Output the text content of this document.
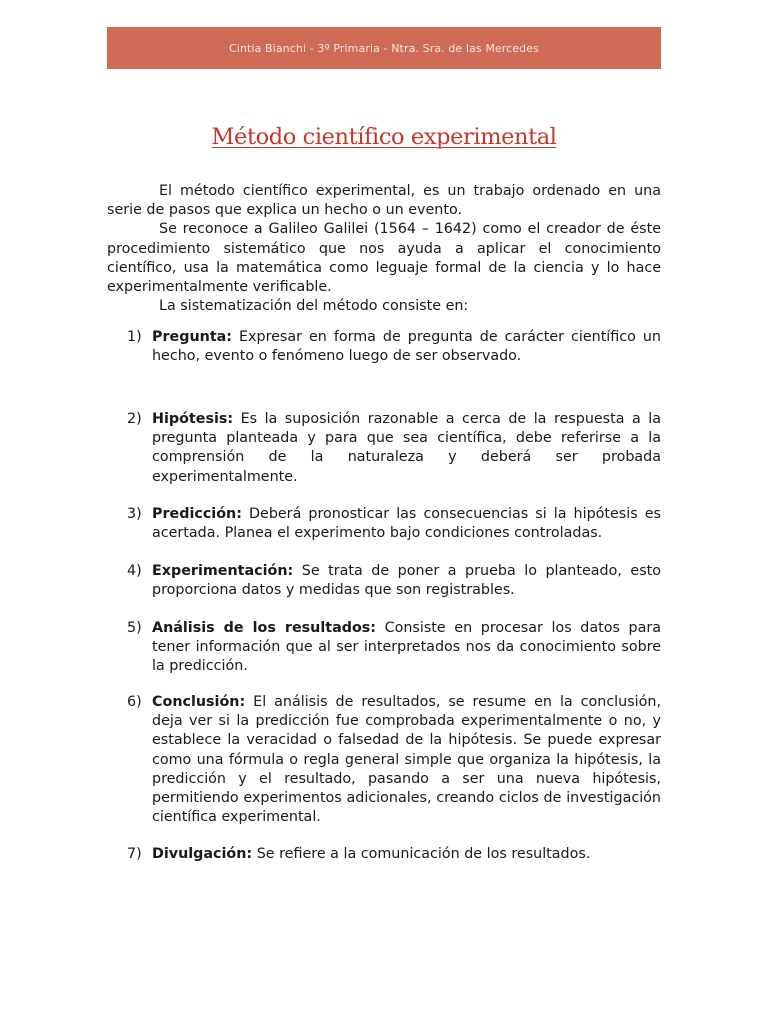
Cintia Bianchi - 3º Primaria - Ntra. Sra. de las Mercedes
Método científico experimental

El método científico experimental, es un trabajo ordenado en una serie de pasos que explica un hecho o un evento.

Se reconoce a Galileo Galilei (1564 – 1642) como el creador de éste procedimiento sistemático que nos ayuda a aplicar el conocimiento científico, usa la matemática como leguaje formal de la ciencia y lo hace experimentalmente verificable.

La sistematización del método consiste en:

1) Pregunta: Expresar en forma de pregunta de carácter científico un hecho, evento o fenómeno luego de ser observado.
2) Hipótesis: Es la suposición razonable a cerca de la respuesta a la pregunta planteada y para que sea científica, debe referirse a la comprensión de la naturaleza y deberá ser probada experimentalmente.
3) Predicción: Deberá pronosticar las consecuencias si la hipótesis es acertada. Planea el experimento bajo condiciones controladas.
4) Experimentación: Se trata de poner a prueba lo planteado, esto proporciona datos y medidas que son registrables.
5) Análisis de los resultados: Consiste en procesar los datos para tener información que al ser interpretados nos da conocimiento sobre la predicción.
6) Conclusión: El análisis de resultados, se resume en la conclusión, deja ver si la predicción fue comprobada experimentalmente o no, y establece la veracidad o falsedad de la hipótesis. Se puede expresar como una fórmula o regla general simple que organiza la hipótesis, la predicción y el resultado, pasando a ser una nueva hipótesis, permitiendo experimentos adicionales, creando ciclos de investigación científica experimental.
7) Divulgación: Se refiere a la comunicación de los resultados.
